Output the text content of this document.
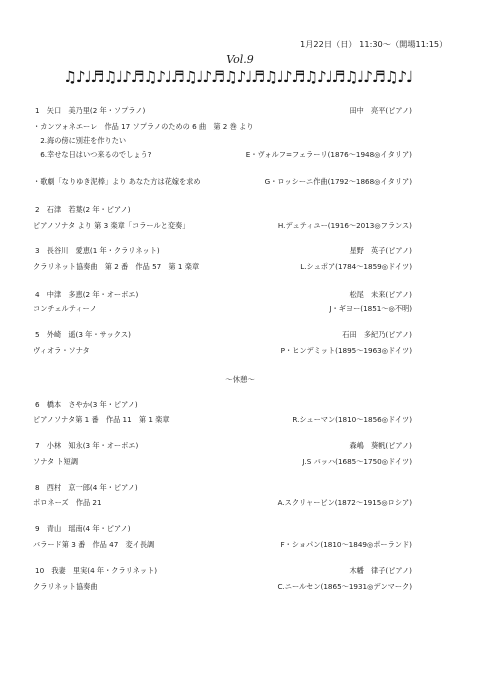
1月22日（日） 11:30～（開場11:15）
Vol.9
♫♪♩♬♫♩♪♬♫♪♩♬♫♩♪♬♫♪♩♬♫♩♪♬♫♪♩♬♫♩♪♬♫♪♩
1　矢口　美乃里(2 年・ソプラノ)	田中　亮平(ピアノ)
・カンツォネエーレ　作品 17 ソプラノのための 6 曲　第 2 巻 より
　2.海の傍に別荘を作りたい
　6.幸せな日はいつ来るのでしょう?	E・ヴォルフ=フェラーリ(1876～1948◎イタリア)
・歌劇「なりゆき泥棒」より あなた方は花嫁を求め	G・ロッシーニ作曲(1792～1868◎イタリア)
2　石津　若葉(2 年・ピアノ)
ピアノソナタ より 第 3 楽章「コラールと変奏」	H.デュティユー(1916～2013◎フランス)
3　長谷川　愛恵(1 年・クラリネット)	星野　英子(ピアノ)
クラリネット協奏曲　第 2 番　作品 57　第 1 楽章	L.シュポア(1784～1859◎ドイツ)
4　中津　多恵(2 年・オーボエ)	松尾　未来(ピアノ)
コンチェルティーノ	J・ギヨー(1851～◎不明)
5　外崎　遥(3 年・サックス)	石田　多紀乃(ピアノ)
ヴィオラ・ソナタ	P・ヒンデミット(1895～1963◎ドイツ)
～休憩～
6　橋本　さやか(3 年・ピアノ)
ピアノソナタ第 1 番　作品 11　第 1 楽章	R.シューマン(1810～1856◎ドイツ)
7　小林　知永(3 年・オーボエ)	森嶋　葵帆(ピアノ)
ソナタ ト短調	J.S バッハ(1685～1750◎ドイツ)
8　西村　京一郎(4 年・ピアノ)
ポロネーズ　作品 21	A.スクリャービン(1872～1915◎ロシア)
9　青山　瑶南(4 年・ピアノ)
バラード第 3 番　作品 47　変イ長調	F・ショパン(1810～1849◎ポーランド)
10　我妻　里実(4 年・クラリネット)	木幡　律子(ピアノ)
クラリネット協奏曲	C.ニールセン(1865～1931◎デンマーク)
